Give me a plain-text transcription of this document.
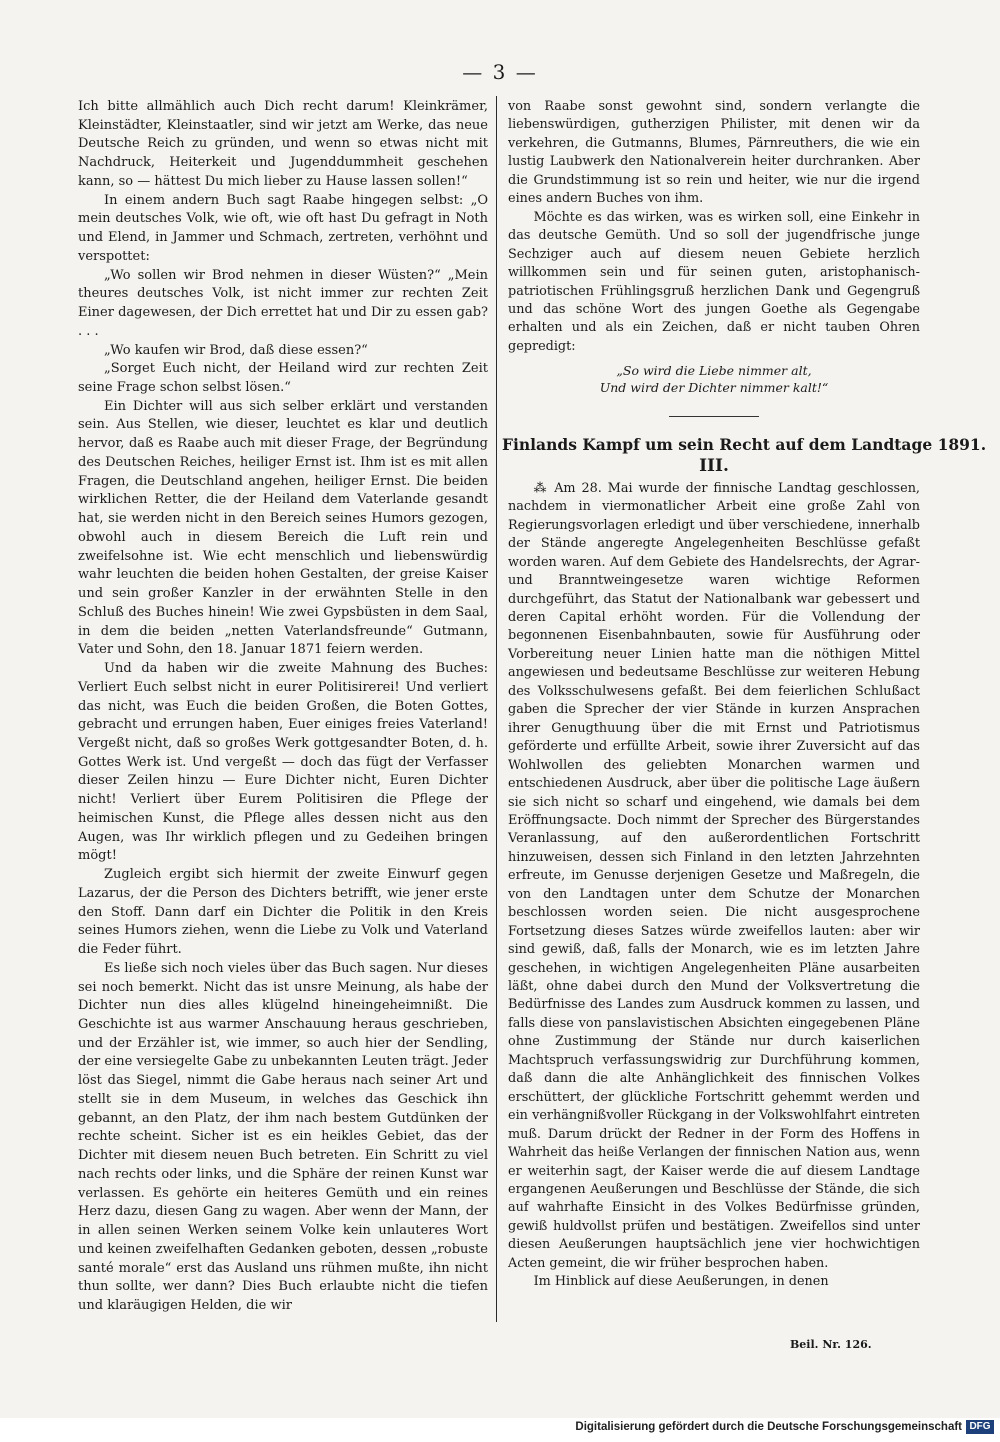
— 3 —

Ich bitte allmählich auch Dich recht darum! Kleinkrämer, Kleinstädter, Kleinstaatler, sind wir jetzt am Werke, das neue Deutsche Reich zu gründen, und wenn so etwas nicht mit Nachdruck, Heiterkeit und Jugenddummheit geschehen kann, so — hättest Du mich lieber zu Hause lassen sollen!“

In einem andern Buch sagt Raabe hingegen selbst: „O mein deutsches Volk, wie oft, wie oft hast Du gefragt in Noth und Elend, in Jammer und Schmach, zertreten, verhöhnt und verspottet:

„Wo sollen wir Brod nehmen in dieser Wüsten?“ „Mein theures deutsches Volk, ist nicht immer zur rechten Zeit Einer dagewesen, der Dich errettet hat und Dir zu essen gab? . . .

„Wo kaufen wir Brod, daß diese essen?“

„Sorget Euch nicht, der Heiland wird zur rechten Zeit seine Frage schon selbst lösen.“

Ein Dichter will aus sich selber erklärt und verstanden sein. Aus Stellen, wie dieser, leuchtet es klar und deutlich hervor, daß es Raabe auch mit dieser Frage, der Begründung des Deutschen Reiches, heiliger Ernst ist. Ihm ist es mit allen Fragen, die Deutschland angehen, heiliger Ernst. Die beiden wirklichen Retter, die der Heiland dem Vaterlande gesandt hat, sie werden nicht in den Bereich seines Humors gezogen, obwohl auch in diesem Bereich die Luft rein und zweifelsohne ist. Wie echt menschlich und liebenswürdig wahr leuchten die beiden hohen Gestalten, der greise Kaiser und sein großer Kanzler in der erwähnten Stelle in den Schluß des Buches hinein! Wie zwei Gypsbüsten in dem Saal, in dem die beiden „netten Vaterlandsfreunde“ Gutmann, Vater und Sohn, den 18. Januar 1871 feiern werden.

Und da haben wir die zweite Mahnung des Buches: Verliert Euch selbst nicht in eurer Politisirerei! Und verliert das nicht, was Euch die beiden Großen, die Boten Gottes, gebracht und errungen haben, Euer einiges freies Vaterland! Vergeßt nicht, daß so großes Werk gottgesandter Boten, d. h. Gottes Werk ist. Und vergeßt — doch das fügt der Verfasser dieser Zeilen hinzu — Eure Dichter nicht, Euren Dichter nicht! Verliert über Eurem Politisiren die Pflege der heimischen Kunst, die Pflege alles dessen nicht aus den Augen, was Ihr wirklich pflegen und zu Gedeihen bringen mögt!

Zugleich ergibt sich hiermit der zweite Einwurf gegen Lazarus, der die Person des Dichters betrifft, wie jener erste den Stoff. Dann darf ein Dichter die Politik in den Kreis seines Humors ziehen, wenn die Liebe zu Volk und Vaterland die Feder führt.

Es ließe sich noch vieles über das Buch sagen. Nur dieses sei noch bemerkt. Nicht das ist unsre Meinung, als habe der Dichter nun dies alles klügelnd hineingeheimnißt. Die Geschichte ist aus warmer Anschauung heraus geschrieben, und der Erzähler ist, wie immer, so auch hier der Sendling, der eine versiegelte Gabe zu unbekannten Leuten trägt. Jeder löst das Siegel, nimmt die Gabe heraus nach seiner Art und stellt sie in dem Museum, in welches das Geschick ihn gebannt, an den Platz, der ihm nach bestem Gutdünken der rechte scheint. Sicher ist es ein heikles Gebiet, das der Dichter mit diesem neuen Buch betreten. Ein Schritt zu viel nach rechts oder links, und die Sphäre der reinen Kunst war verlassen. Es gehörte ein heiteres Gemüth und ein reines Herz dazu, diesen Gang zu wagen. Aber wenn der Mann, der in allen seinen Werken seinem Volke kein unlauteres Wort und keinen zweifelhaften Gedanken geboten, dessen „robuste santé morale“ erst das Ausland uns rühmen mußte, ihn nicht thun sollte, wer dann? Dies Buch erlaubte nicht die tiefen und klaräugigen Helden, die wir

von Raabe sonst gewohnt sind, sondern verlangte die liebenswürdigen, gutherzigen Philister, mit denen wir da verkehren, die Gutmanns, Blumes, Pärnreuthers, die wie ein lustig Laubwerk den Nationalverein heiter durchranken. Aber die Grundstimmung ist so rein und heiter, wie nur die irgend eines andern Buches von ihm.

Möchte es das wirken, was es wirken soll, eine Einkehr in das deutsche Gemüth. Und so soll der jugendfrische junge Sechziger auch auf diesem neuen Gebiete herzlich willkommen sein und für seinen guten, aristophanisch-patriotischen Frühlingsgruß herzlichen Dank und Gegengruß und das schöne Wort des jungen Goethe als Gegengabe erhalten und als ein Zeichen, daß er nicht tauben Ohren gepredigt:

„So wird die Liebe nimmer alt,
Und wird der Dichter nimmer kalt!“
Finlands Kampf um sein Recht auf dem Landtage 1891.
III.

⁂ Am 28. Mai wurde der finnische Landtag geschlossen, nachdem in viermonatlicher Arbeit eine große Zahl von Regierungsvorlagen erledigt und über verschiedene, innerhalb der Stände angeregte Angelegenheiten Beschlüsse gefaßt worden waren. Auf dem Gebiete des Handelsrechts, der Agrar- und Branntweingesetze waren wichtige Reformen durchgeführt, das Statut der Nationalbank war gebessert und deren Capital erhöht worden. Für die Vollendung der begonnenen Eisenbahnbauten, sowie für Ausführung oder Vorbereitung neuer Linien hatte man die nöthigen Mittel angewiesen und bedeutsame Beschlüsse zur weiteren Hebung des Volksschulwesens gefaßt. Bei dem feierlichen Schlußact gaben die Sprecher der vier Stände in kurzen Ansprachen ihrer Genugthuung über die mit Ernst und Patriotismus geförderte und erfüllte Arbeit, sowie ihrer Zuversicht auf das Wohlwollen des geliebten Monarchen warmen und entschiedenen Ausdruck, aber über die politische Lage äußern sie sich nicht so scharf und eingehend, wie damals bei dem Eröffnungsacte. Doch nimmt der Sprecher des Bürgerstandes Veranlassung, auf den außerordentlichen Fortschritt hinzuweisen, dessen sich Finland in den letzten Jahrzehnten erfreute, im Genusse derjenigen Gesetze und Maßregeln, die von den Landtagen unter dem Schutze der Monarchen beschlossen worden seien. Die nicht ausgesprochene Fortsetzung dieses Satzes würde zweifellos lauten: aber wir sind gewiß, daß, falls der Monarch, wie es im letzten Jahre geschehen, in wichtigen Angelegenheiten Pläne ausarbeiten läßt, ohne dabei durch den Mund der Volksvertretung die Bedürfnisse des Landes zum Ausdruck kommen zu lassen, und falls diese von panslavistischen Absichten eingegebenen Pläne ohne Zustimmung der Stände nur durch kaiserlichen Machtspruch verfassungswidrig zur Durchführung kommen, daß dann die alte Anhänglichkeit des finnischen Volkes erschüttert, der glückliche Fortschritt gehemmt werden und ein verhängnißvoller Rückgang in der Volkswohlfahrt eintreten muß. Darum drückt der Redner in der Form des Hoffens in Wahrheit das heiße Verlangen der finnischen Nation aus, wenn er weiterhin sagt, der Kaiser werde die auf diesem Landtage ergangenen Aeußerungen und Beschlüsse der Stände, die sich auf wahrhafte Einsicht in des Volkes Bedürfnisse gründen, gewiß huldvollst prüfen und bestätigen. Zweifellos sind unter diesen Aeußerungen hauptsächlich jene vier hochwichtigen Acten gemeint, die wir früher besprochen haben.

Im Hinblick auf diese Aeußerungen, in denen

Beil. Nr. 126.
Digitalisierung gefördert durch die Deutsche Forschungsgemeinschaft DFG
